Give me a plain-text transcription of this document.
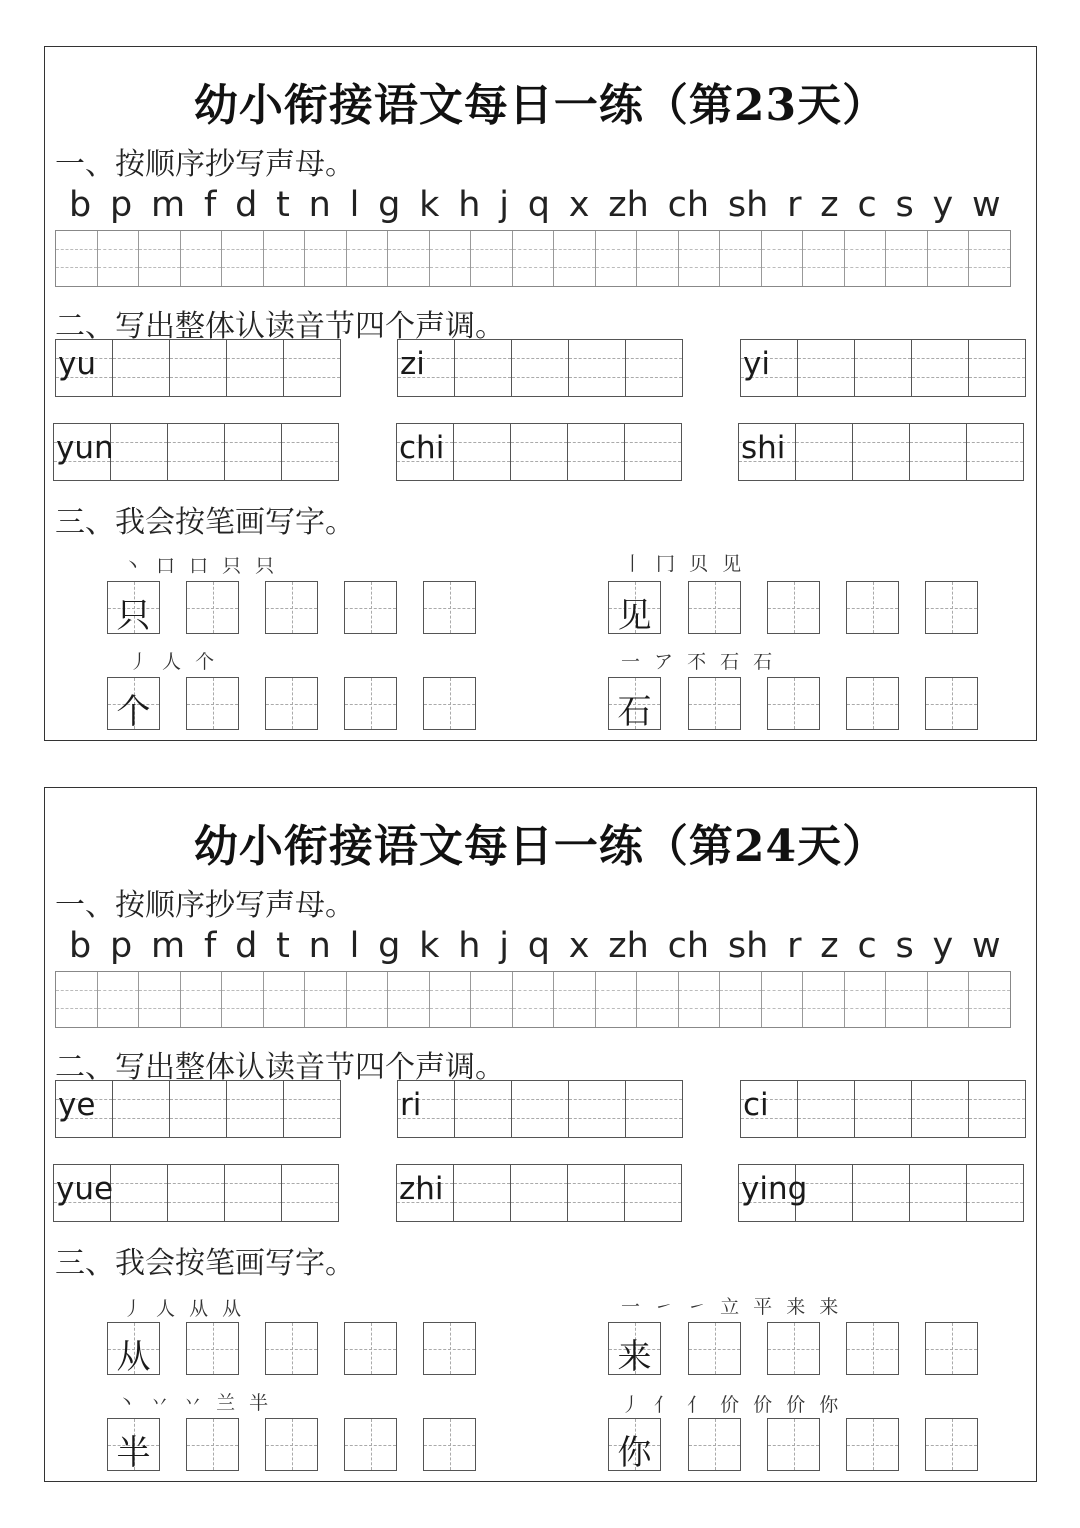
幼小衔接语文每日一练（第23天）
一、按顺序抄写声母。
b p m f d t n l g k h j q x zh ch sh r z c s y w
二、写出整体认读音节四个声调。
yu	zi	yi
yun	chi	shi
三、我会按笔画写字。
丶 口 口 只 只
只
丨 冂 贝 见
见
丿 人 个
个
一 ア 不 石 石
石
幼小衔接语文每日一练（第24天）
一、按顺序抄写声母。
b p m f d t n l g k h j q x zh ch sh r z c s y w
二、写出整体认读音节四个声调。
ye	ri	ci
yue	zhi	ying
三、我会按笔画写字。
丿 人 从 从
从
一 ㇀ ㇀ 立 平 来 来
来
丶 丷 丷 兰 半
半
丿 亻 亻 价 价 价 你
你
